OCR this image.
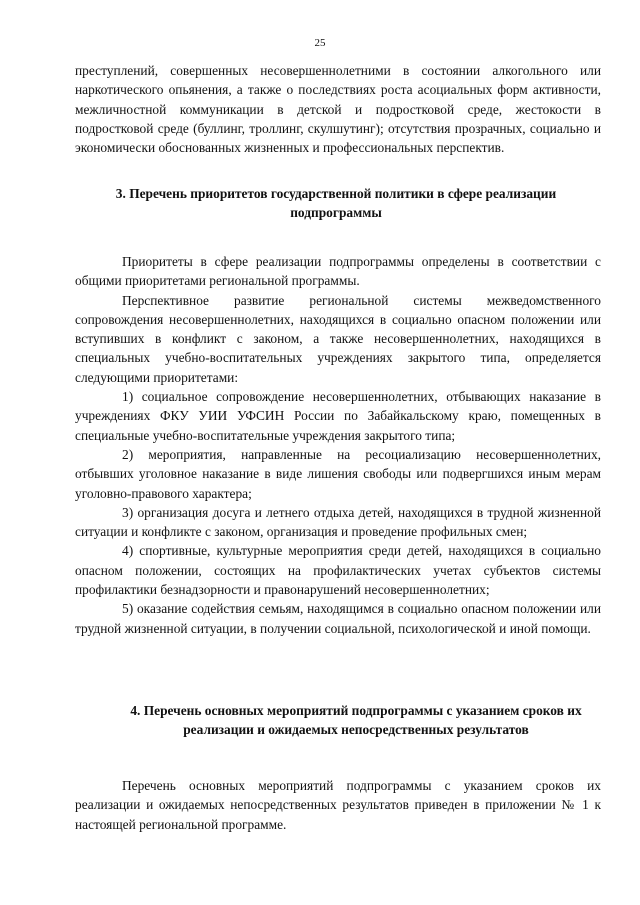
25

преступлений, совершенных несовершеннолетними в состоянии алкогольного или наркотического опьянения, а также о последствиях роста асоциальных форм активности, межличностной коммуникации в детской и подростковой среде, жестокости в подростковой среде (буллинг, троллинг, скулшутинг); отсутствия прозрачных, социально и экономически обоснованных жизненных и профессиональных перспектив.

3. Перечень приоритетов государственной политики в сфере реализации подпрограммы

Приоритеты в сфере реализации подпрограммы определены в соответствии с общими приоритетами региональной программы.

Перспективное развитие региональной системы межведомственного сопровождения несовершеннолетних, находящихся в социально опасном положении или вступивших в конфликт с законом, а также несовершеннолетних, находящихся в специальных учебно-воспитательных учреждениях закрытого типа, определяется следующими приоритетами:

1) социальное сопровождение несовершеннолетних, отбывающих наказание в учреждениях ФКУ УИИ УФСИН России по Забайкальскому краю, помещенных в специальные учебно-воспитательные учреждения закрытого типа;

2) мероприятия, направленные на ресоциализацию несовершеннолетних, отбывших уголовное наказание в виде лишения свободы или подвергшихся иным мерам уголовно-правового характера;

3) организация досуга и летнего отдыха детей, находящихся в трудной жизненной ситуации и конфликте с законом, организация и проведение профильных смен;

4) спортивные, культурные мероприятия среди детей, находящихся в социально опасном положении, состоящих на профилактических учетах субъектов системы профилактики безнадзорности и правонарушений несовершеннолетних;

5) оказание содействия семьям, находящимся в социально опасном положении или трудной жизненной ситуации, в получении социальной, психологической и иной помощи.

4. Перечень основных мероприятий подпрограммы с указанием сроков их реализации и ожидаемых непосредственных результатов

Перечень основных мероприятий подпрограммы с указанием сроков их реализации и ожидаемых непосредственных результатов приведен в приложении № 1 к настоящей региональной программе.
